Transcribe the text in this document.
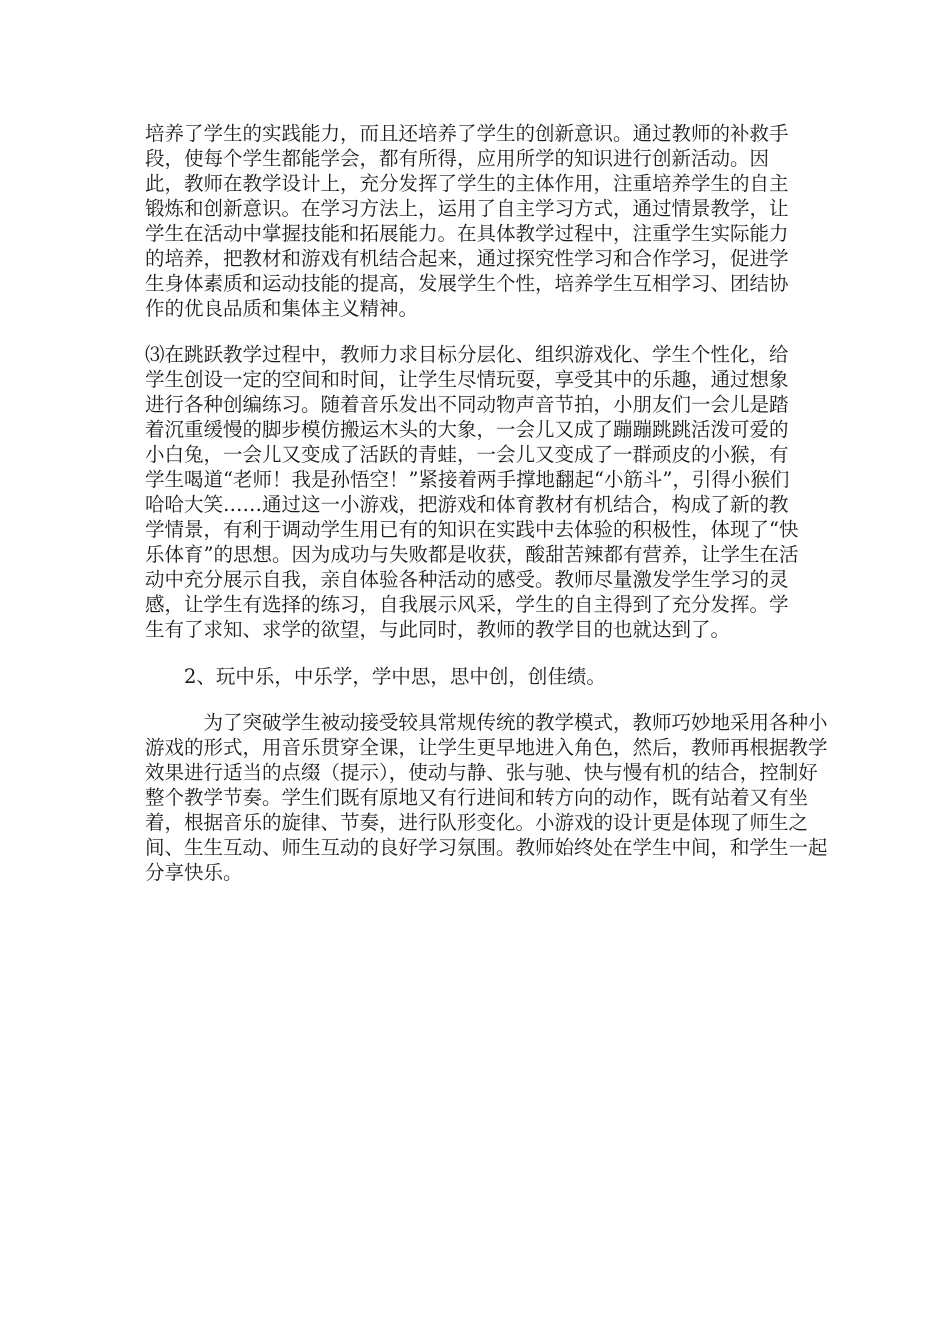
培养了学生的实践能力，而且还培养了学生的创新意识。通过教师的补救手段，使每个学生都能学会，都有所得，应用所学的知识进行创新活动。因此，教师在教学设计上，充分发挥了学生的主体作用，注重培养学生的自主锻炼和创新意识。在学习方法上，运用了自主学习方式，通过情景教学，让学生在活动中掌握技能和拓展能力。在具体教学过程中，注重学生实际能力的培养，把教材和游戏有机结合起来，通过探究性学习和合作学习，促进学生身体素质和运动技能的提高，发展学生个性，培养学生互相学习、团结协作的优良品质和集体主义精神。

⑶在跳跃教学过程中，教师力求目标分层化、组织游戏化、学生个性化，给学生创设一定的空间和时间，让学生尽情玩耍，享受其中的乐趣，通过想象进行各种创编练习。随着音乐发出不同动物声音节拍，小朋友们一会儿是踏着沉重缓慢的脚步模仿搬运木头的大象，一会儿又成了蹦蹦跳跳活泼可爱的小白兔，一会儿又变成了活跃的青蛙，一会儿又变成了一群顽皮的小猴，有学生喝道“老师！我是孙悟空！”紧接着两手撑地翻起“小筋斗”，引得小猴们哈哈大笑……通过这一小游戏，把游戏和体育教材有机结合，构成了新的教学情景，有利于调动学生用已有的知识在实践中去体验的积极性，体现了“快乐体育”的思想。因为成功与失败都是收获，酸甜苦辣都有营养，让学生在活动中充分展示自我，亲自体验各种活动的感受。教师尽量激发学生学习的灵感，让学生有选择的练习，自我展示风采，学生的自主得到了充分发挥。学生有了求知、求学的欲望，与此同时，教师的教学目的也就达到了。

　　2、玩中乐，中乐学，学中思，思中创，创佳绩。

　　　为了突破学生被动接受较具常规传统的教学模式，教师巧妙地采用各种小游戏的形式，用音乐贯穿全课，让学生更早地进入角色，然后，教师再根据教学效果进行适当的点缀（提示），使动与静、张与驰、快与慢有机的结合，控制好整个教学节奏。学生们既有原地又有行进间和转方向的动作，既有站着又有坐着，根据音乐的旋律、节奏，进行队形变化。小游戏的设计更是体现了师生之间、生生互动、师生互动的良好学习氛围。教师始终处在学生中间，和学生一起分享快乐。
